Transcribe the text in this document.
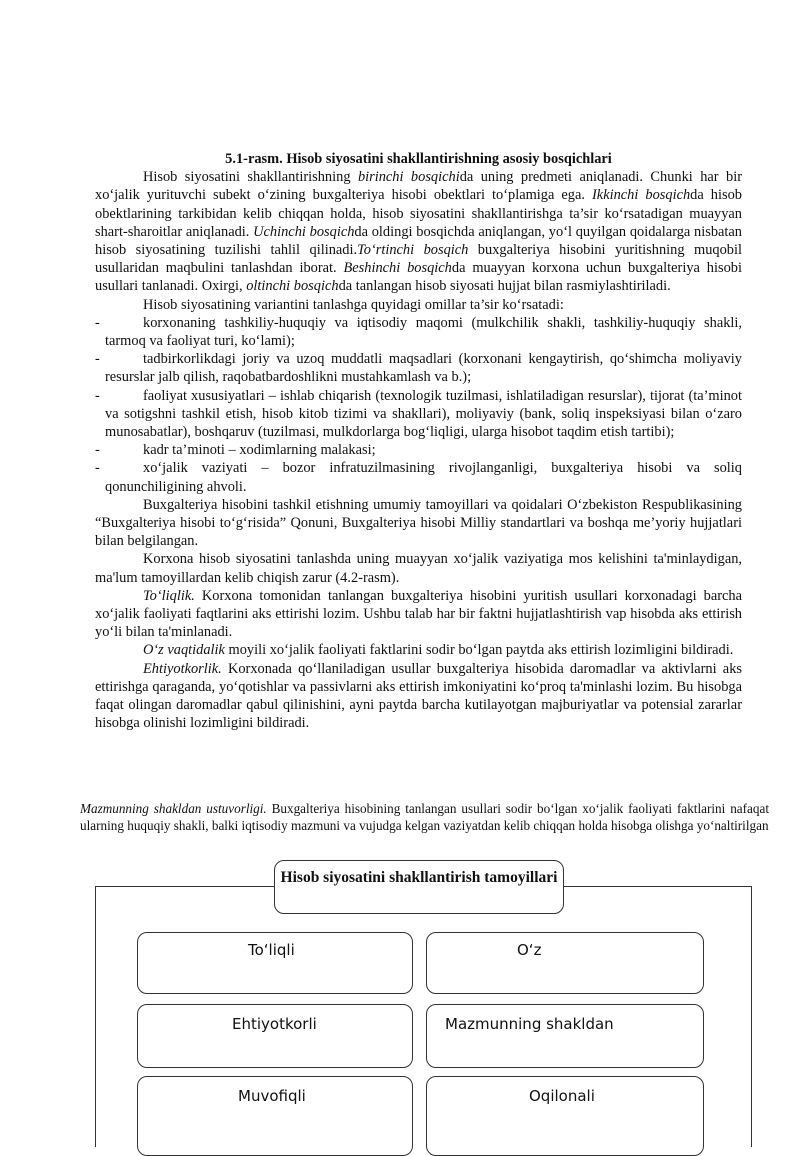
5.1-rasm. Hisob siyosatini shakllantirishning asosiy bosqichlari

Hisob siyosatini shakllantirishning birinchi bosqichida uning predmeti aniqlanadi. Chunki har bir xo‘jalik yurituvchi subekt o‘zining buxgalteriya hisobi obektlari to‘plamiga ega. Ikkinchi bosqichda hisob obektlarining tarkibidan kelib chiqqan holda, hisob siyosatini shakllantirishga ta’sir ko‘rsatadigan muayyan shart-sharoitlar aniqlanadi. Uchinchi bosqichda oldingi bosqichda aniqlangan, yo‘l quyilgan qoidalarga nisbatan hisob siyosatining tuzilishi tahlil qilinadi.To‘rtinchi bosqich buxgalteriya hisobini yuritishning muqobil usullaridan maqbulini tanlashdan iborat. Beshinchi bosqichda muayyan korxona uchun buxgalteriya hisobi usullari tanlanadi. Oxirgi, oltinchi bosqichda tanlangan hisob siyosati hujjat bilan rasmiylashtiriladi.

Hisob siyosatining variantini tanlashga quyidagi omillar ta’sir ko‘rsatadi:

-	korxonaning tashkiliy-huquqiy va iqtisodiy maqomi (mulkchilik shakli, tashkiliy-huquqiy shakli, tarmoq va faoliyat turi, ko‘lami);

-	tadbirkorlikdagi joriy va uzoq muddatli maqsadlari (korxonani kengaytirish, qo‘shimcha moliyaviy resurslar jalb qilish, raqobatbardoshlikni mustahkamlash va b.);

-	faoliyat xususiyatlari – ishlab chiqarish (texnologik tuzilmasi, ishlatiladigan resurslar), tijorat (ta’minot va sotigshni tashkil etish, hisob kitob tizimi va shakllari), moliyaviy (bank, soliq inspeksiyasi bilan o‘zaro munosabatlar), boshqaruv (tuzilmasi, mulkdorlarga bog‘liqligi, ularga hisobot taqdim etish tartibi);

-	kadr ta’minoti – xodimlarning malakasi;

-	xo‘jalik vaziyati – bozor infratuzilmasining rivojlanganligi, buxgalteriya hisobi va soliq qonunchiligining ahvoli.

Buxgalteriya hisobini tashkil etishning umumiy tamoyillari va qoidalari O‘zbekiston Respublikasining “Buxgalteriya hisobi to‘g‘risida” Qonuni, Buxgalteriya hisobi Milliy standartlari va boshqa me’yoriy hujjatlari bilan belgilangan.

Korxona hisob siyosatini tanlashda uning muayyan xo‘jalik vaziyatiga mos kelishini ta'minlaydigan, ma'lum tamoyillardan kelib chiqish zarur (4.2-rasm).

To‘liqlik. Korxona tomonidan tanlangan buxgalteriya hisobini yuritish usullari korxonadagi barcha xo‘jalik faoliyati faqtlarini aks ettirishi lozim. Ushbu talab har bir faktni hujjatlashtirish vap hisobda aks ettirish yo‘li bilan ta'minlanadi.

O‘z vaqtidalik moyili xo‘jalik faoliyati faktlarini sodir bo‘lgan paytda aks ettirish lozimligini bildiradi.

Ehtiyotkorlik. Korxonada qo‘llaniladigan usullar buxgalteriya hisobida daromadlar va aktivlarni aks ettirishga qaraganda, yo‘qotishlar va passivlarni aks ettirish imkoniyatini ko‘proq ta'minlashi lozim. Bu hisobga faqat olingan daromadlar qabul qilinishini, ayni paytda barcha kutilayotgan majburiyatlar va potensial zararlar hisobga olinishi lozimligini bildiradi.

Mazmunning shakldan ustuvorligi. Buxgalteriya hisobining tanlangan usullari sodir bo‘lgan xo‘jalik faoliyati faktlarini nafaqat ularning huquqiy shakli, balki iqtisodiy mazmuni va vujudga kelgan vaziyatdan kelib chiqqan holda hisobga olishga yo‘naltirilgan

Hisob siyosatini shakllantirish tamoyillari
To‘liqli	O‘z
Ehtiyotkorli	Mazmunning shakldan
Muvofiqli	Oqilonali
